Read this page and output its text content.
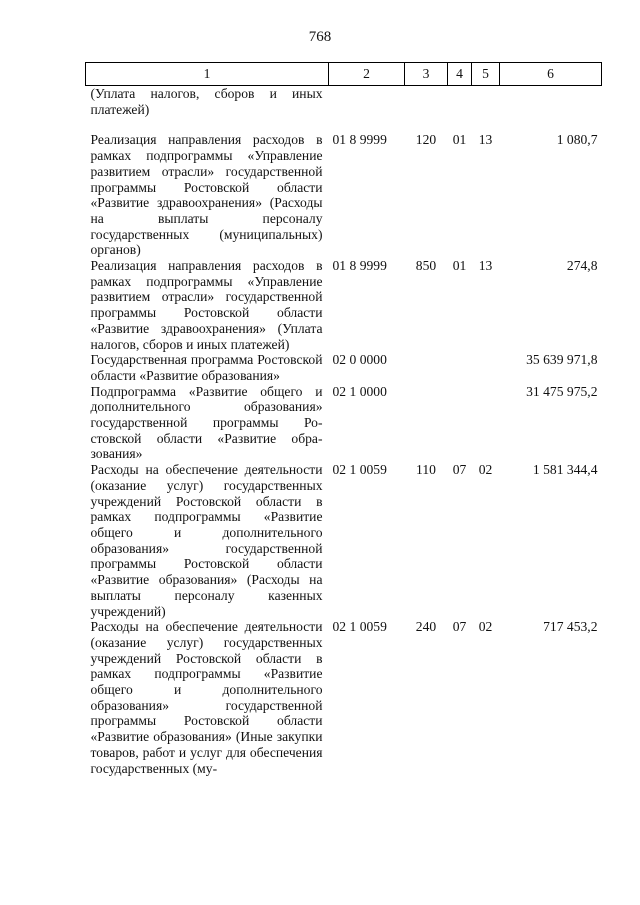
768
1	2	3	4	5	6
(Уплата налогов, сборов и иных платежей)					
Реализация направления расходов в рамках подпрограммы «Управление развитием отрасли» государственной программы Ростовской области «Развитие здравоохранения» (Расходы на выплаты персоналу государственных (муниципальных) органов)	01 8 9999	120	01	13	1 080,7
Реализация направления расходов в рамках подпрограммы «Управление развитием отрасли» государственной программы Ростовской области «Развитие здравоохранения» (Уплата налогов, сборов и иных платежей)	01 8 9999	850	01	13	274,8
Государственная программа Ростовской области «Развитие образования»	02 0 0000				35 639 971,8
Подпрограмма «Развитие общего и дополнительного образования» государственной программы Ростовской области «Развитие образования»	02 1 0000				31 475 975,2
Расходы на обеспечение деятельности (оказание услуг) государственных учреждений Ростовской области в рамках подпрограммы «Развитие общего и дополнительного образования» государственной программы Ростовской области «Развитие образования» (Расходы на выплаты персоналу казенных учреждений)	02 1 0059	110	07	02	1 581 344,4
Расходы на обеспечение деятельности (оказание услуг) государственных учреждений Ростовской области в рамках подпрограммы «Развитие общего и дополнительного образования» государственной программы Ростовской области «Развитие образования» (Иные закупки товаров, работ и услуг для обеспечения государственных (му-	02 1 0059	240	07	02	717 453,2
